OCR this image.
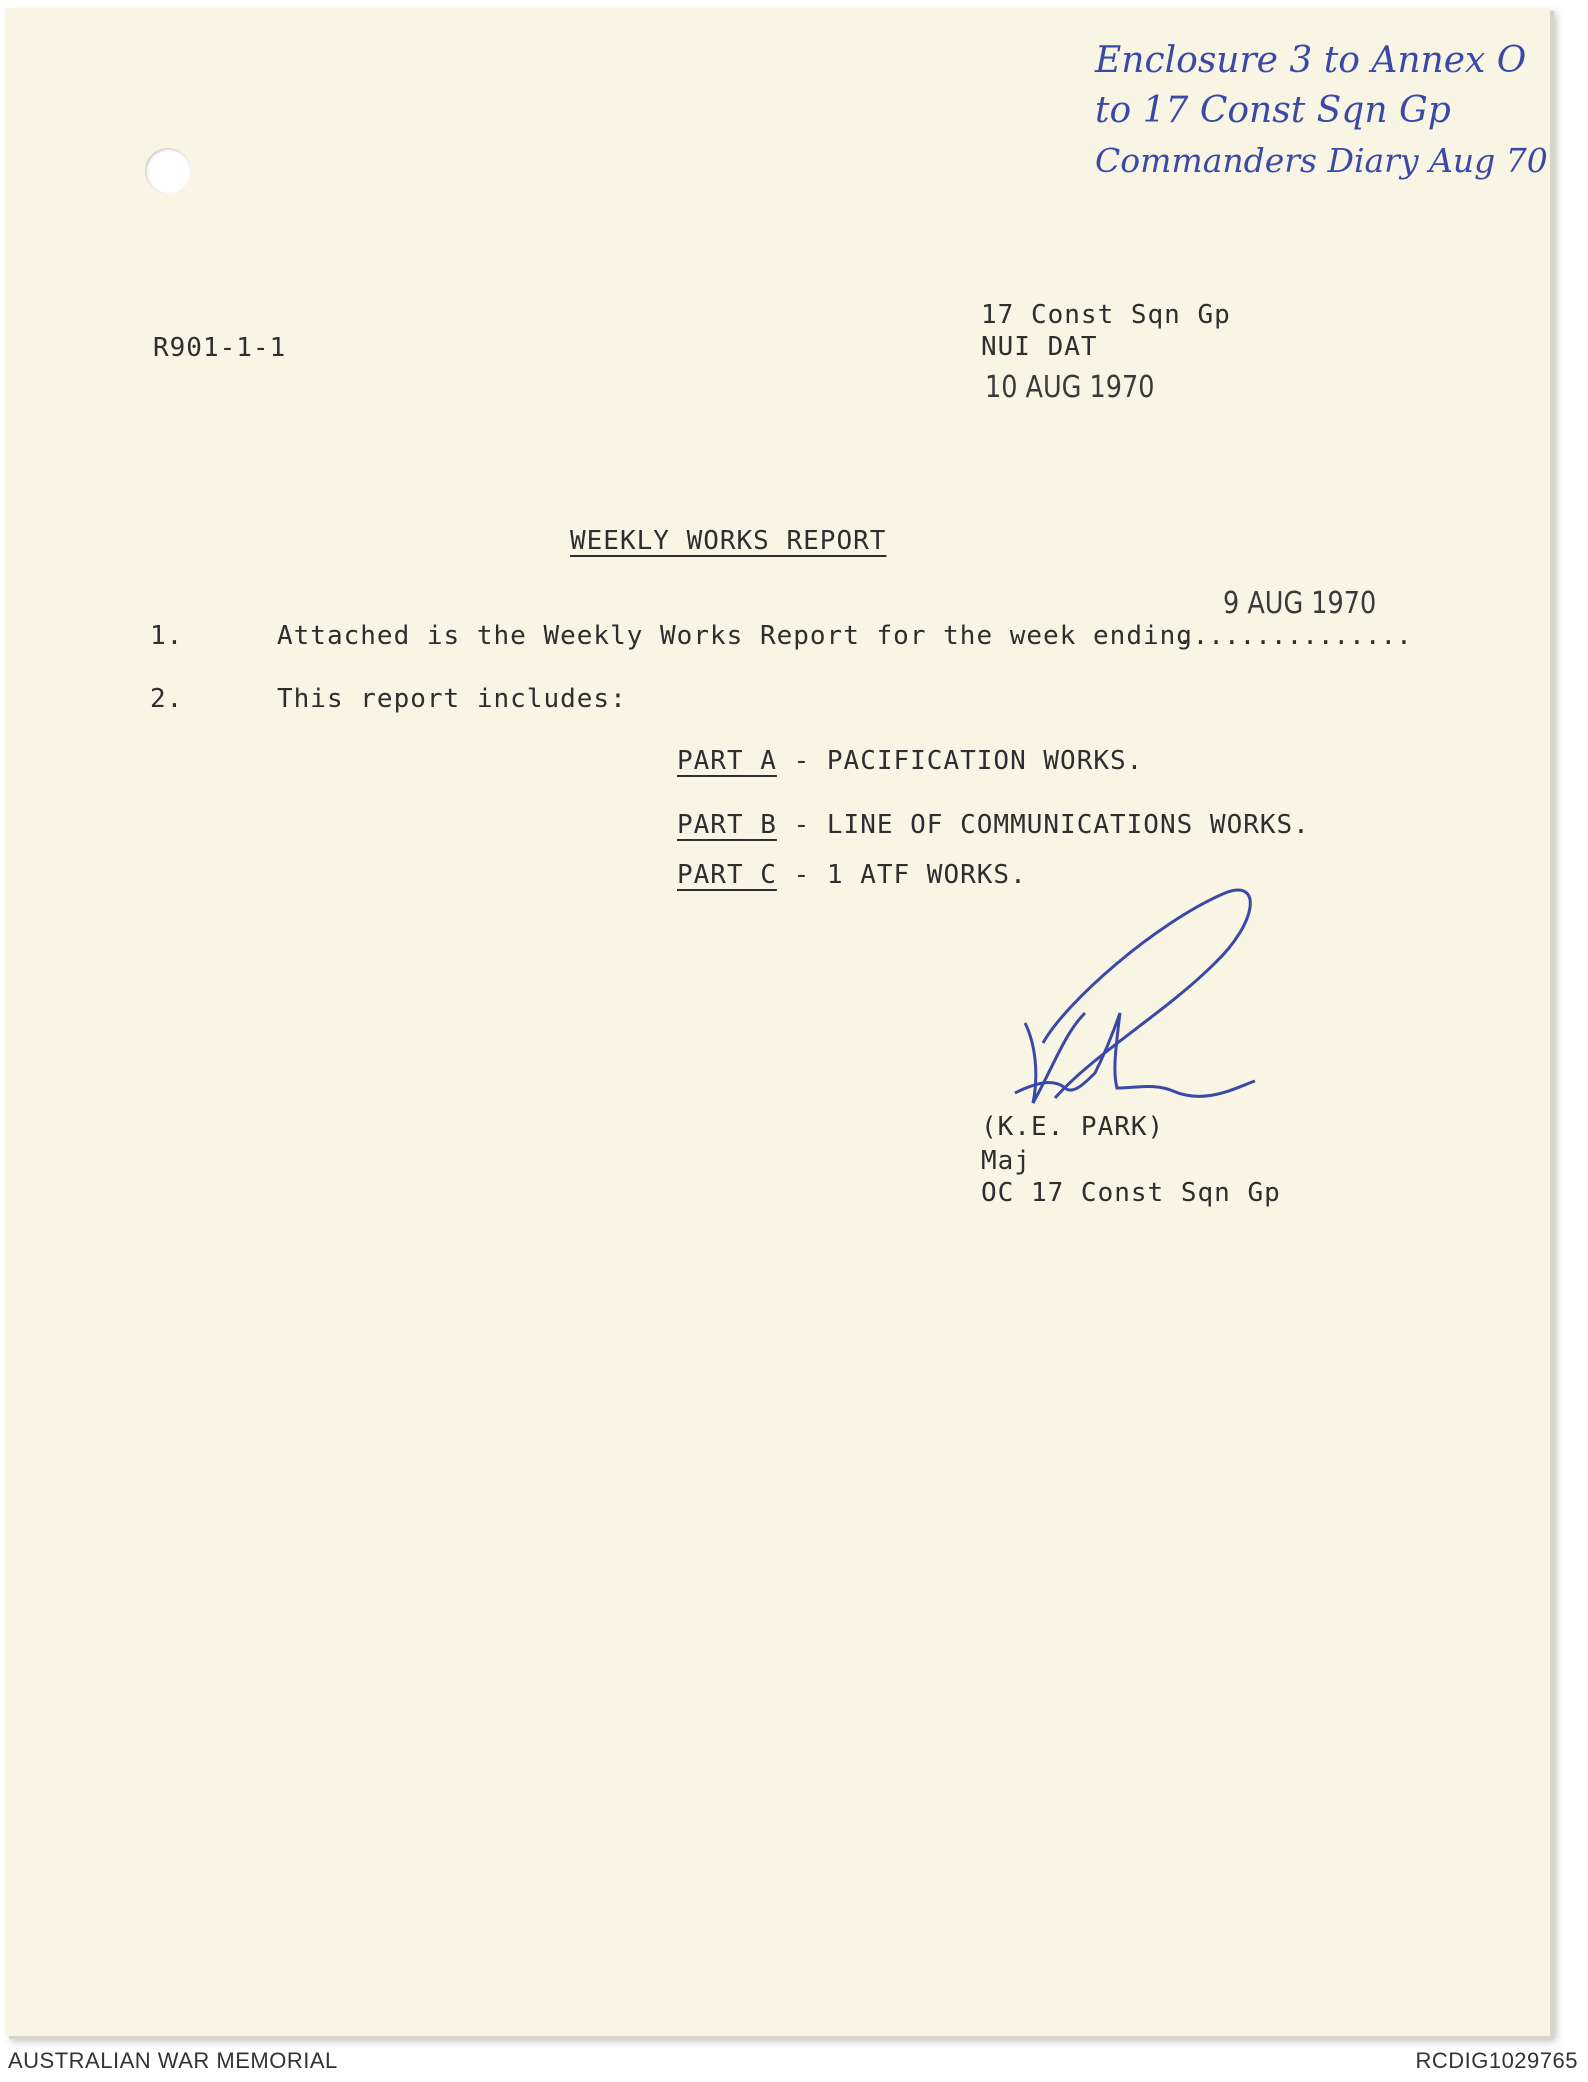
Enclosure 3 to Annex O
to 17 Const Sqn Gp
Commanders Diary Aug 70
R901-1-1
17 Const Sqn Gp
NUI DAT
10 AUG 1970
WEEKLY WORKS REPORT
9 AUG 1970
1.	Attached is the Weekly Works Report for the week ending
...............
2.	This report includes:
PART A - PACIFICATION WORKS.
PART B - LINE OF COMMUNICATIONS WORKS.
PART C - 1 ATF WORKS.
(K.E. PARK)
Maj
OC 17 Const Sqn Gp
AUSTRALIAN WAR MEMORIAL	RCDIG1029765
